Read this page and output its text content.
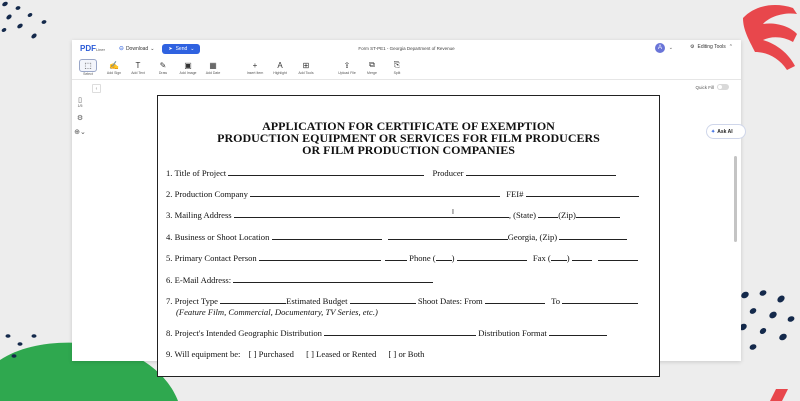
PDFLiner ⊖ Download ⌄	➤ Send ⌄	Form ST-PE1 - Georgia Department of Revenue	A ⌄	⚙ Editing Tools ⌃
⬚
Select
✍
Add Sign
T
Add Text
✎
Draw
▣
Add Image
▦
Add Date
+
Insert Item
A
Highlight
⊞
Add Tools
⇪
Upload File
⧉
Merge
⎘
Split
▯
1/5
⚙
⊕⌄
‹	Quick Fill
✦ Ask AI
APPLICATION FOR CERTIFICATE OF EXEMPTION
PRODUCTION EQUIPMENT OR SERVICES FOR FILM PRODUCERS
OR FILM PRODUCTION COMPANIES
1. Title of Project	Producer
2. Production Company	FEI#
3. Mailing Address	, (State)	(Zip)
4. Business or Shoot Location	Georgia, (Zip)
5. Primary Contact Person	Phone ( )	Fax ( )
6. E-Mail Address:
7. Project Type	Estimated Budget	Shoot Dates: From	To
(Feature Film, Commercial, Documentary, TV Series, etc.)
8. Project's Intended Geographic Distribution	Distribution Format
9. Will equipment be: [ ] Purchased [ ] Leased or Rented [ ] or Both
I
